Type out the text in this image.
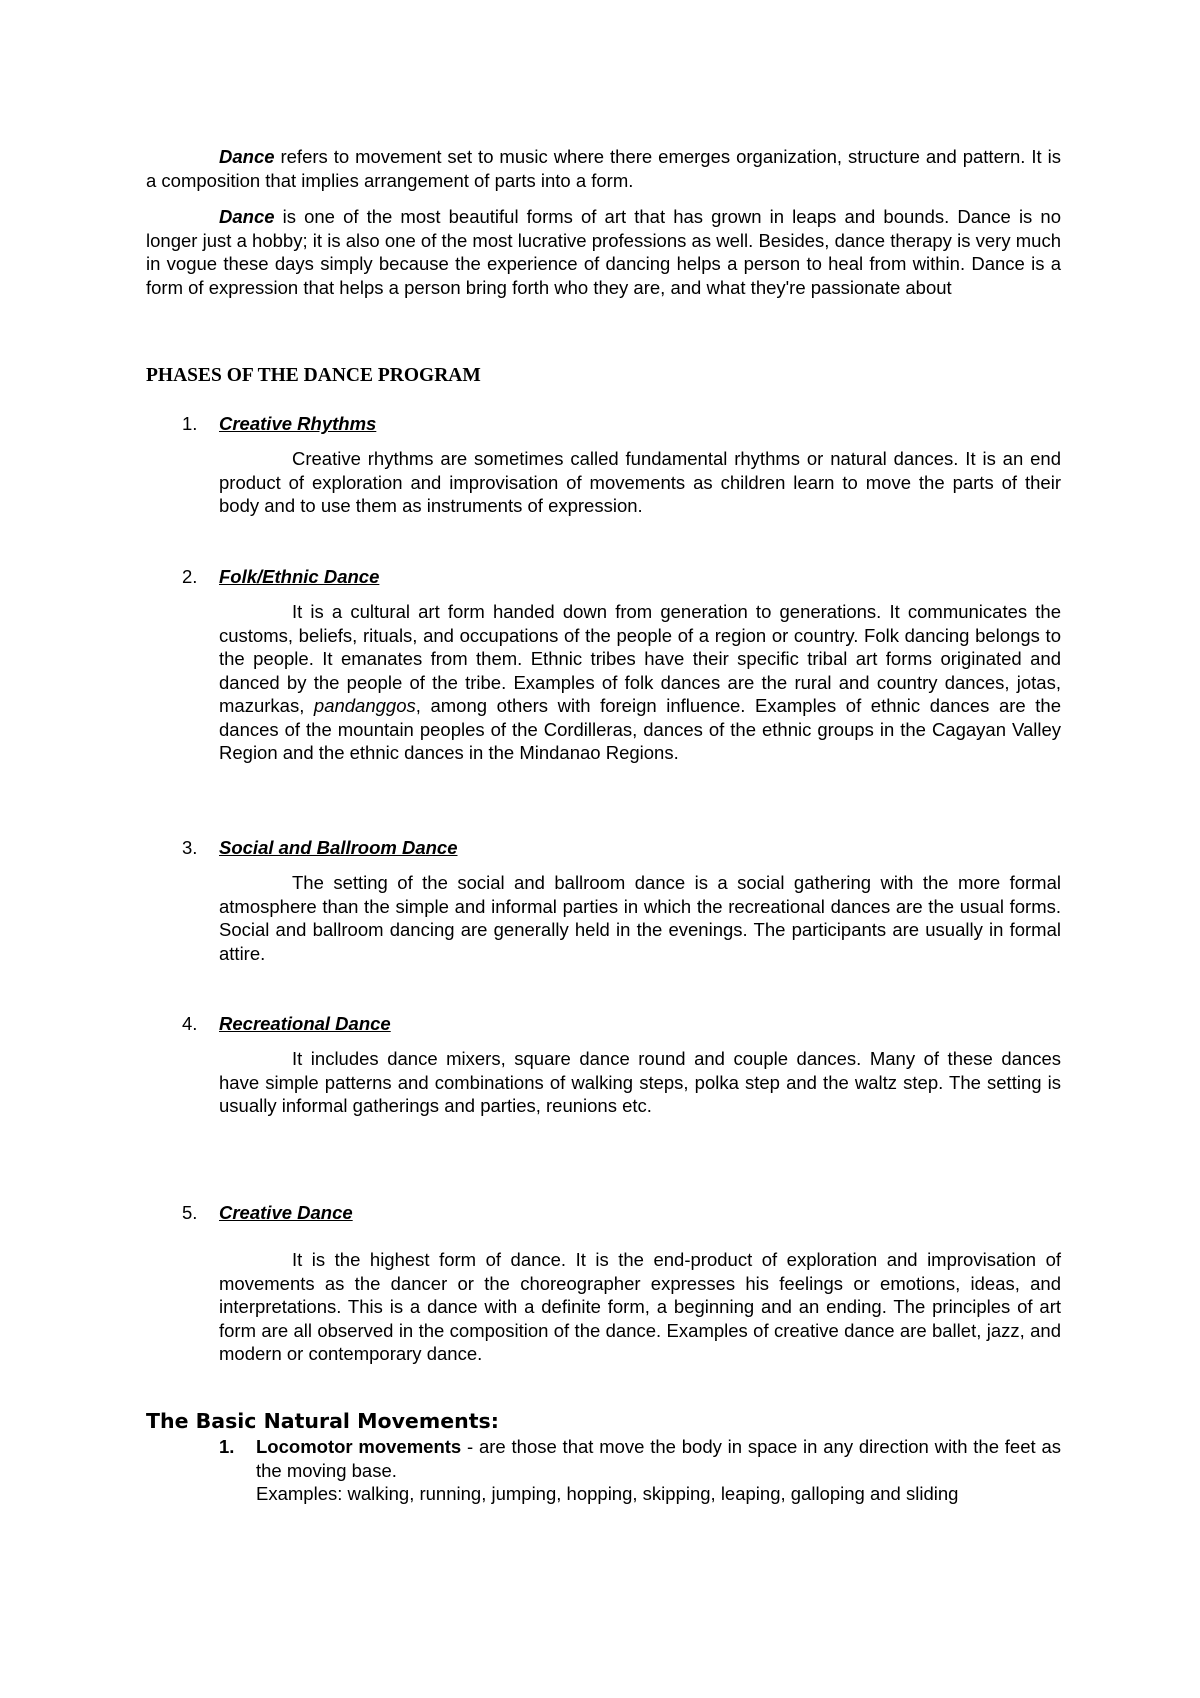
Dance refers to movement set to music where there emerges organization, structure and pattern. It is a composition that implies arrangement of parts into a form.

Dance is one of the most beautiful forms of art that has grown in leaps and bounds. Dance is no longer just a hobby; it is also one of the most lucrative professions as well. Besides, dance therapy is very much in vogue these days simply because the experience of dancing helps a person to heal from within. Dance is a form of expression that helps a person bring forth who they are, and what they're passionate about

PHASES OF THE DANCE PROGRAM
1. Creative Rhythms

Creative rhythms are sometimes called fundamental rhythms or natural dances. It is an end product of exploration and improvisation of movements as children learn to move the parts of their body and to use them as instruments of expression.

2. Folk/Ethnic Dance

It is a cultural art form handed down from generation to generations. It communicates the customs, beliefs, rituals, and occupations of the people of a region or country. Folk dancing belongs to the people. It emanates from them. Ethnic tribes have their specific tribal art forms originated and danced by the people of the tribe. Examples of folk dances are the rural and country dances, jotas, mazurkas, pandanggos, among others with foreign influence. Examples of ethnic dances are the dances of the mountain peoples of the Cordilleras, dances of the ethnic groups in the Cagayan Valley Region and the ethnic dances in the Mindanao Regions.

3. Social and Ballroom Dance

The setting of the social and ballroom dance is a social gathering with the more formal atmosphere than the simple and informal parties in which the recreational dances are the usual forms. Social and ballroom dancing are generally held in the evenings. The participants are usually in formal attire.

4. Recreational Dance

It includes dance mixers, square dance round and couple dances. Many of these dances have simple patterns and combinations of walking steps, polka step and the waltz step. The setting is usually informal gatherings and parties, reunions etc.

5. Creative Dance

It is the highest form of dance. It is the end-product of exploration and improvisation of movements as the dancer or the choreographer expresses his feelings or emotions, ideas, and interpretations. This is a dance with a definite form, a beginning and an ending. The principles of art form are all observed in the composition of the dance. Examples of creative dance are ballet, jazz, and modern or contemporary dance.

The Basic Natural Movements:
1. Locomotor movements - are those that move the body in space in any direction with the feet as the moving base.

Examples: walking, running, jumping, hopping, skipping, leaping, galloping and sliding
